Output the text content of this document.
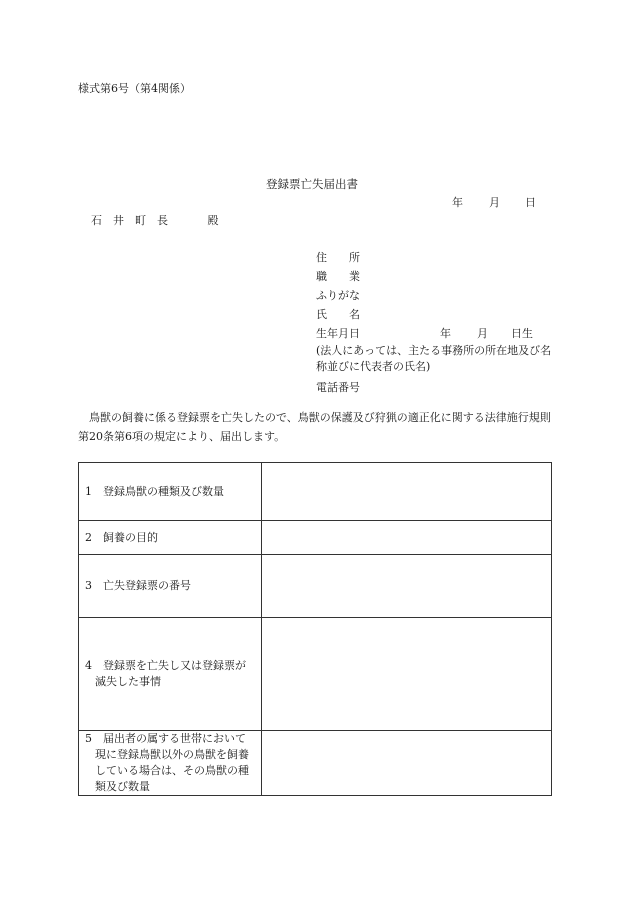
様式第6号（第4関係）
登録票亡失届出書
年 月 日
石　井　町　長	殿
住　　所
職　　業
ふりがな
氏　　名
生年月日	年 月 日生
(法人にあっては、主たる事務所の所在地及び名称並びに代表者の氏名)
電話番号
鳥獣の飼養に係る登録票を亡失したので、鳥獣の保護及び狩猟の適正化に関する法律施行規則第20条第6項の規定により、届出します。
1　登録鳥獣の種類及び数量	

2　飼養の目的	

3　亡失登録票の番号	

4　登録票を亡失し又は登録票が滅失した事情	

5　届出者の属する世帯において現に登録鳥獣以外の鳥獣を飼養している場合は、その鳥獣の種類及び数量	
